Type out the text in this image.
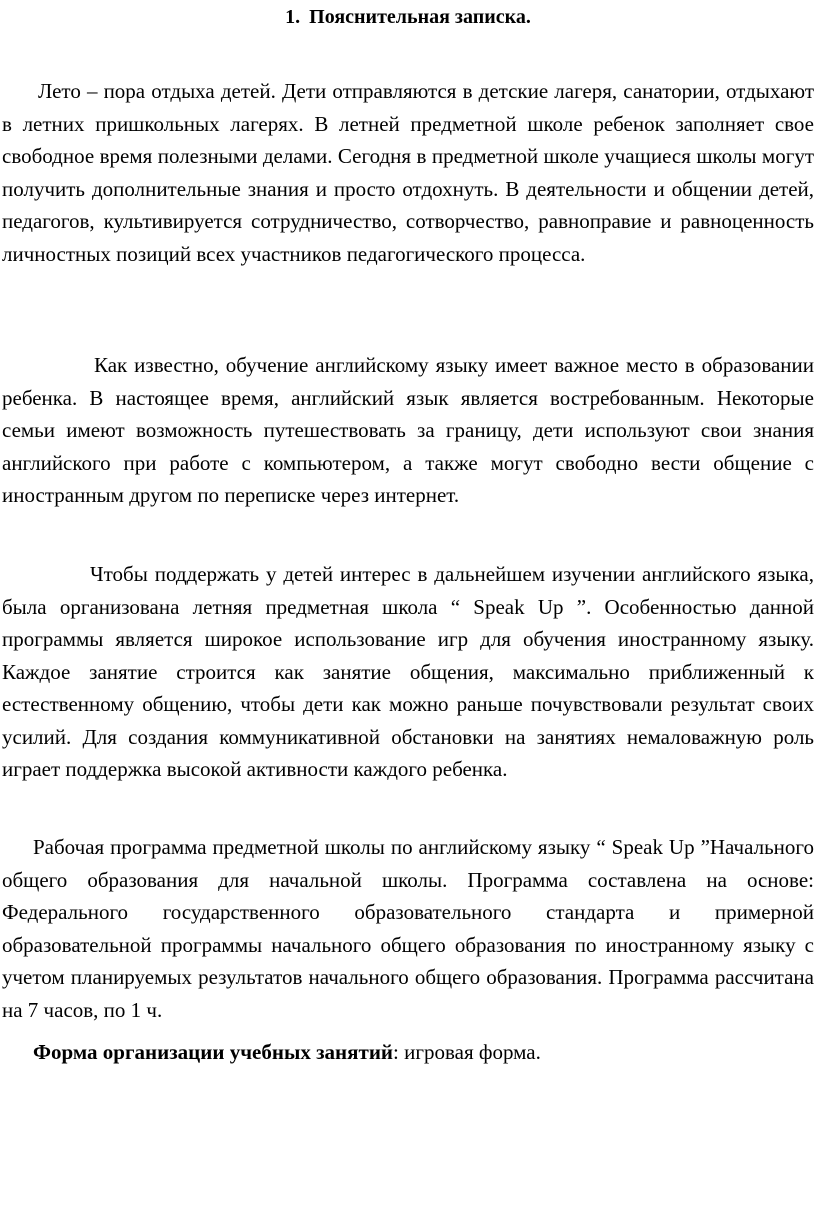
1. Пояснительная записка.

Лето – пора отдыха детей. Дети отправляются в детские лагеря, санатории, отдыхают в летних пришкольных лагерях. В летней предметной школе ребенок заполняет свое свободное время полезными делами. Сегодня в предметной школе учащиеся школы могут получить дополнительные знания и просто отдохнуть. В деятельности и общении детей, педагогов, культивируется сотрудничество, сотворчество, равноправие и равноценность личностных позиций всех участников педагогического процесса.

Как известно, обучение английскому языку имеет важное место в образовании ребенка. В настоящее время, английский язык является востребованным. Некоторые семьи имеют возможность путешествовать за границу, дети используют свои знания английского при работе с компьютером, а также могут свободно вести общение с иностранным другом по переписке через интернет.

Чтобы поддержать у детей интерес в дальнейшем изучении английского языка, была организована летняя предметная школа “ Speak Up ”. Особенностью данной программы является широкое использование игр для обучения иностранному языку. Каждое занятие строится как занятие общения, максимально приближенный к естественному общению, чтобы дети как можно раньше почувствовали результат своих усилий. Для создания коммуникативной обстановки на занятиях немаловажную роль играет поддержка высокой активности каждого ребенка.

Рабочая программа предметной школы по английскому языку “ Speak Up ”Начального общего образования для начальной школы. Программа составлена на основе: Федерального государственного образовательного стандарта и примерной образовательной программы начального общего образования по иностранному языку с учетом планируемых результатов начального общего образования. Программа рассчитана на 7 часов, по 1 ч.

Форма организации учебных занятий: игровая форма.
